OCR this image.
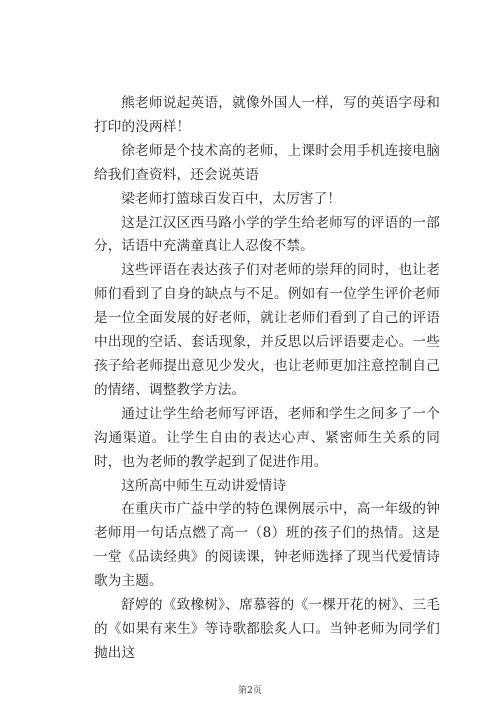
熊老师说起英语，就像外国人一样，写的英语字母和打印的没两样！

徐老师是个技术高的老师，上课时会用手机连接电脑给我们查资料，还会说英语

梁老师打篮球百发百中，太厉害了！

这是江汉区西马路小学的学生给老师写的评语的一部分，话语中充满童真让人忍俊不禁。

这些评语在表达孩子们对老师的崇拜的同时，也让老师们看到了自身的缺点与不足。例如有一位学生评价老师是一位全面发展的好老师，就让老师们看到了自己的评语中出现的空话、套话现象，并反思以后评语要走心。一些孩子给老师提出意见少发火，也让老师更加注意控制自己的情绪、调整教学方法。

通过让学生给老师写评语，老师和学生之间多了一个沟通渠道。让学生自由的表达心声、紧密师生关系的同时，也为老师的教学起到了促进作用。

这所高中师生互动讲爱情诗

在重庆市广益中学的特色课例展示中，高一年级的钟老师用一句话点燃了高一（8）班的孩子们的热情。这是一堂《品读经典》的阅读课，钟老师选择了现当代爱情诗歌为主题。

舒婷的《致橡树》、席慕蓉的《一棵开花的树》、三毛的《如果有来生》等诗歌都脍炙人口。当钟老师为同学们抛出这

第2页
